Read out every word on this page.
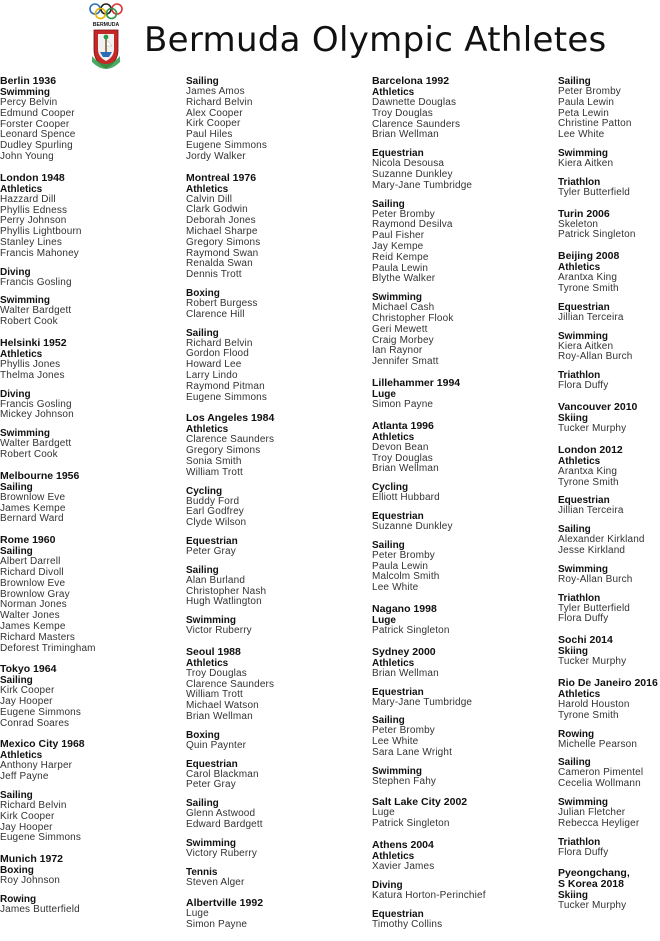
BERMUDA Bermuda Olympic Athletes
Berlin 1936
Swimming
Percy Belvin
Edmund Cooper
Forster Cooper
Leonard Spence
Dudley Spurling
John Young
London 1948
Athletics
Hazzard Dill
Phyllis Edness
Perry Johnson
Phyllis Lightbourn
Stanley Lines
Francis Mahoney
Diving
Francis Gosling
Swimming
Walter Bardgett
Robert Cook
Helsinki 1952
Athletics
Phyllis Jones
Thelma Jones
Diving
Francis Gosling
Mickey Johnson
Swimming
Walter Bardgett
Robert Cook
Melbourne 1956
Sailing
Brownlow Eve
James Kempe
Bernard Ward
Rome 1960
Sailing
Albert Darrell
Richard Divoll
Brownlow Eve
Brownlow Gray
Norman Jones
Walter Jones
James Kempe
Richard Masters
Deforest Trimingham
Tokyo 1964
Sailing
Kirk Cooper
Jay Hooper
Eugene Simmons
Conrad Soares
Mexico City 1968
Athletics
Anthony Harper
Jeff Payne
Sailing
Richard Belvin
Kirk Cooper
Jay Hooper
Eugene Simmons
Munich 1972
Boxing
Roy Johnson
Rowing
James Butterfield
Sailing
James Amos
Richard Belvin
Alex Cooper
Kirk Cooper
Paul Hiles
Eugene Simmons
Jordy Walker
Montreal 1976
Athletics
Calvin Dill
Clark Godwin
Deborah Jones
Michael Sharpe
Gregory Simons
Raymond Swan
Renalda Swan
Dennis Trott
Boxing
Robert Burgess
Clarence Hill
Sailing
Richard Belvin
Gordon Flood
Howard Lee
Larry Lindo
Raymond Pitman
Eugene Simmons
Los Angeles 1984
Athletics
Clarence Saunders
Gregory Simons
Sonia Smith
William Trott
Cycling
Buddy Ford
Earl Godfrey
Clyde Wilson
Equestrian
Peter Gray
Sailing
Alan Burland
Christopher Nash
Hugh Watlington
Swimming
Victor Ruberry
Seoul 1988
Athletics
Troy Douglas
Clarence Saunders
William Trott
Michael Watson
Brian Wellman
Boxing
Quin Paynter
Equestrian
Carol Blackman
Peter Gray
Sailing
Glenn Astwood
Edward Bardgett
Swimming
Victory Ruberry
Tennis
Steven Alger
Albertville 1992
Luge
Simon Payne
Barcelona 1992
Athletics
Dawnette Douglas
Troy Douglas
Clarence Saunders
Brian Wellman
Equestrian
Nicola Desousa
Suzanne Dunkley
Mary-Jane Tumbridge
Sailing
Peter Bromby
Raymond Desilva
Paul Fisher
Jay Kempe
Reid Kempe
Paula Lewin
Blythe Walker
Swimming
Michael Cash
Christopher Flook
Geri Mewett
Craig Morbey
Ian Raynor
Jennifer Smatt
Lillehammer 1994
Luge
Simon Payne
Atlanta 1996
Athletics
Devon Bean
Troy Douglas
Brian Wellman
Cycling
Elliott Hubbard
Equestrian
Suzanne Dunkley
Sailing
Peter Bromby
Paula Lewin
Malcolm Smith
Lee White
Nagano 1998
Luge
Patrick Singleton
Sydney 2000
Athletics
Brian Wellman
Equestrian
Mary-Jane Tumbridge
Sailing
Peter Bromby
Lee White
Sara Lane Wright
Swimming
Stephen Fahy
Salt Lake City 2002
Luge
Patrick Singleton
Athens 2004
Athletics
Xavier James
Diving
Katura Horton-Perinchief
Equestrian
Timothy Collins
Sailing
Peter Bromby
Paula Lewin
Peta Lewin
Christine Patton
Lee White
Swimming
Kiera Aitken
Triathlon
Tyler Butterfield
Turin 2006
Skeleton
Patrick Singleton
Beijing 2008
Athletics
Arantxa King
Tyrone Smith
Equestrian
Jillian Terceira
Swimming
Kiera Aitken
Roy-Allan Burch
Triathlon
Flora Duffy
Vancouver 2010
Skiing
Tucker Murphy
London 2012
Athletics
Arantxa King
Tyrone Smith
Equestrian
Jillian Terceira
Sailing
Alexander Kirkland
Jesse Kirkland
Swimming
Roy-Allan Burch
Triathlon
Tyler Butterfield
Flora Duffy
Sochi 2014
Skiing
Tucker Murphy
Rio De Janeiro 2016
Athletics
Harold Houston
Tyrone Smith
Rowing
Michelle Pearson
Sailing
Cameron Pimentel
Cecelia Wollmann
Swimming
Julian Fletcher
Rebecca Heyliger
Triathlon
Flora Duffy
Pyeongchang,
S Korea 2018
Skiing
Tucker Murphy
